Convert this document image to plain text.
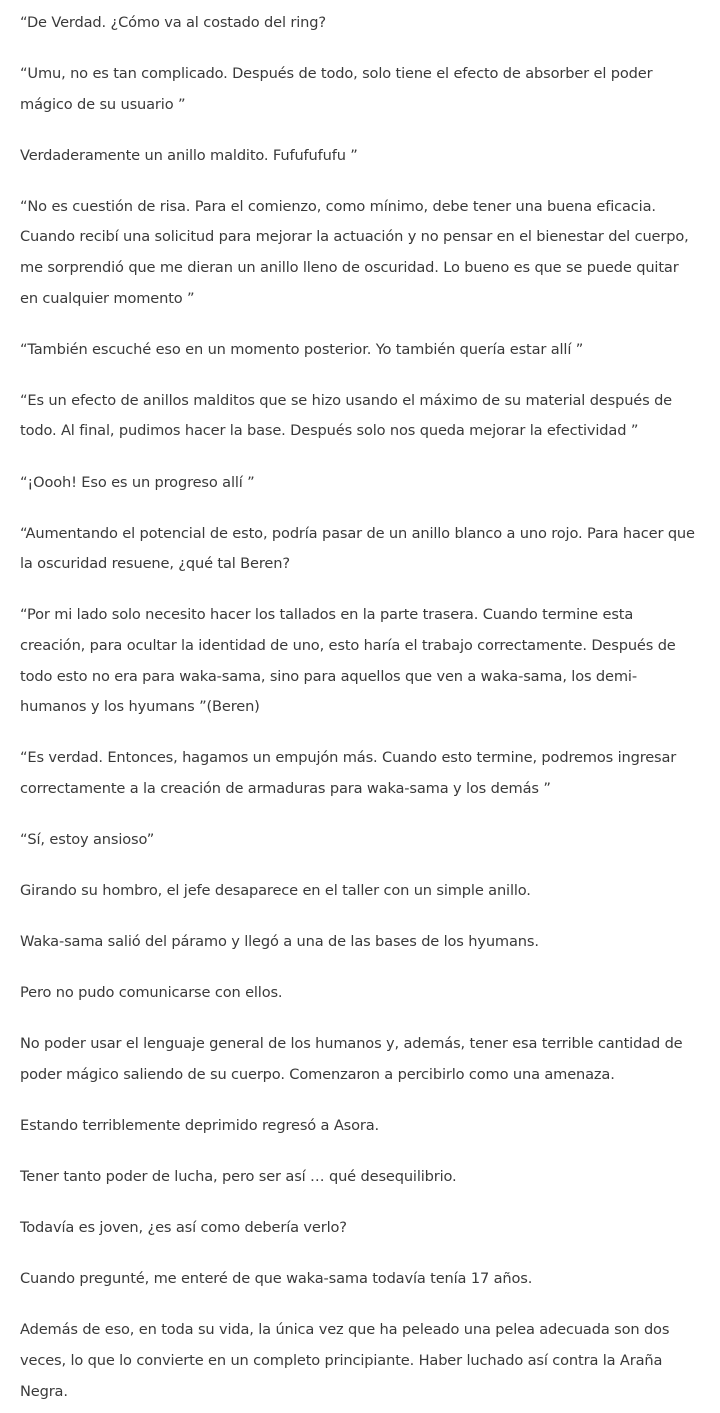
“De Verdad. ¿Cómo va al costado del ring?

“Umu, no es tan complicado. Después de todo, solo tiene el efecto de absorber el poder mágico de su usuario ”

Verdaderamente un anillo maldito. Fufufufufu ”

“No es cuestión de risa. Para el comienzo, como mínimo, debe tener una buena eficacia. Cuando recibí una solicitud para mejorar la actuación y no pensar en el bienestar del cuerpo, me sorprendió que me dieran un anillo lleno de oscuridad. Lo bueno es que se puede quitar en cualquier momento ”

“También escuché eso en un momento posterior. Yo también quería estar allí ”

“Es un efecto de anillos malditos que se hizo usando el máximo de su material después de todo. Al final, pudimos hacer la base. Después solo nos queda mejorar la efectividad ”

“¡Oooh! Eso es un progreso allí ”

“Aumentando el potencial de esto, podría pasar de un anillo blanco a uno rojo. Para hacer que la oscuridad resuene, ¿qué tal Beren?

“Por mi lado solo necesito hacer los tallados en la parte trasera. Cuando termine esta creación, para ocultar la identidad de uno, esto haría el trabajo correctamente. Después de todo esto no era para waka-sama, sino para aquellos que ven a waka-sama, los demi-humanos y los hyumans ”(Beren)

“Es verdad. Entonces, hagamos un empujón más. Cuando esto termine, podremos ingresar correctamente a la creación de armaduras para waka-sama y los demás ”

“Sí, estoy ansioso”

Girando su hombro, el jefe desaparece en el taller con un simple anillo.

Waka-sama salió del páramo y llegó a una de las bases de los hyumans.

Pero no pudo comunicarse con ellos.

No poder usar el lenguaje general de los humanos y, además, tener esa terrible cantidad de poder mágico saliendo de su cuerpo. Comenzaron a percibirlo como una amenaza.

Estando terriblemente deprimido regresó a Asora.

Tener tanto poder de lucha, pero ser así … qué desequilibrio.

Todavía es joven, ¿es así como debería verlo?

Cuando pregunté, me enteré de que waka-sama todavía tenía 17 años.

Además de eso, en toda su vida, la única vez que ha peleado una pelea adecuada son dos veces, lo que lo convierte en un completo principiante. Haber luchado así contra la Araña Negra.
